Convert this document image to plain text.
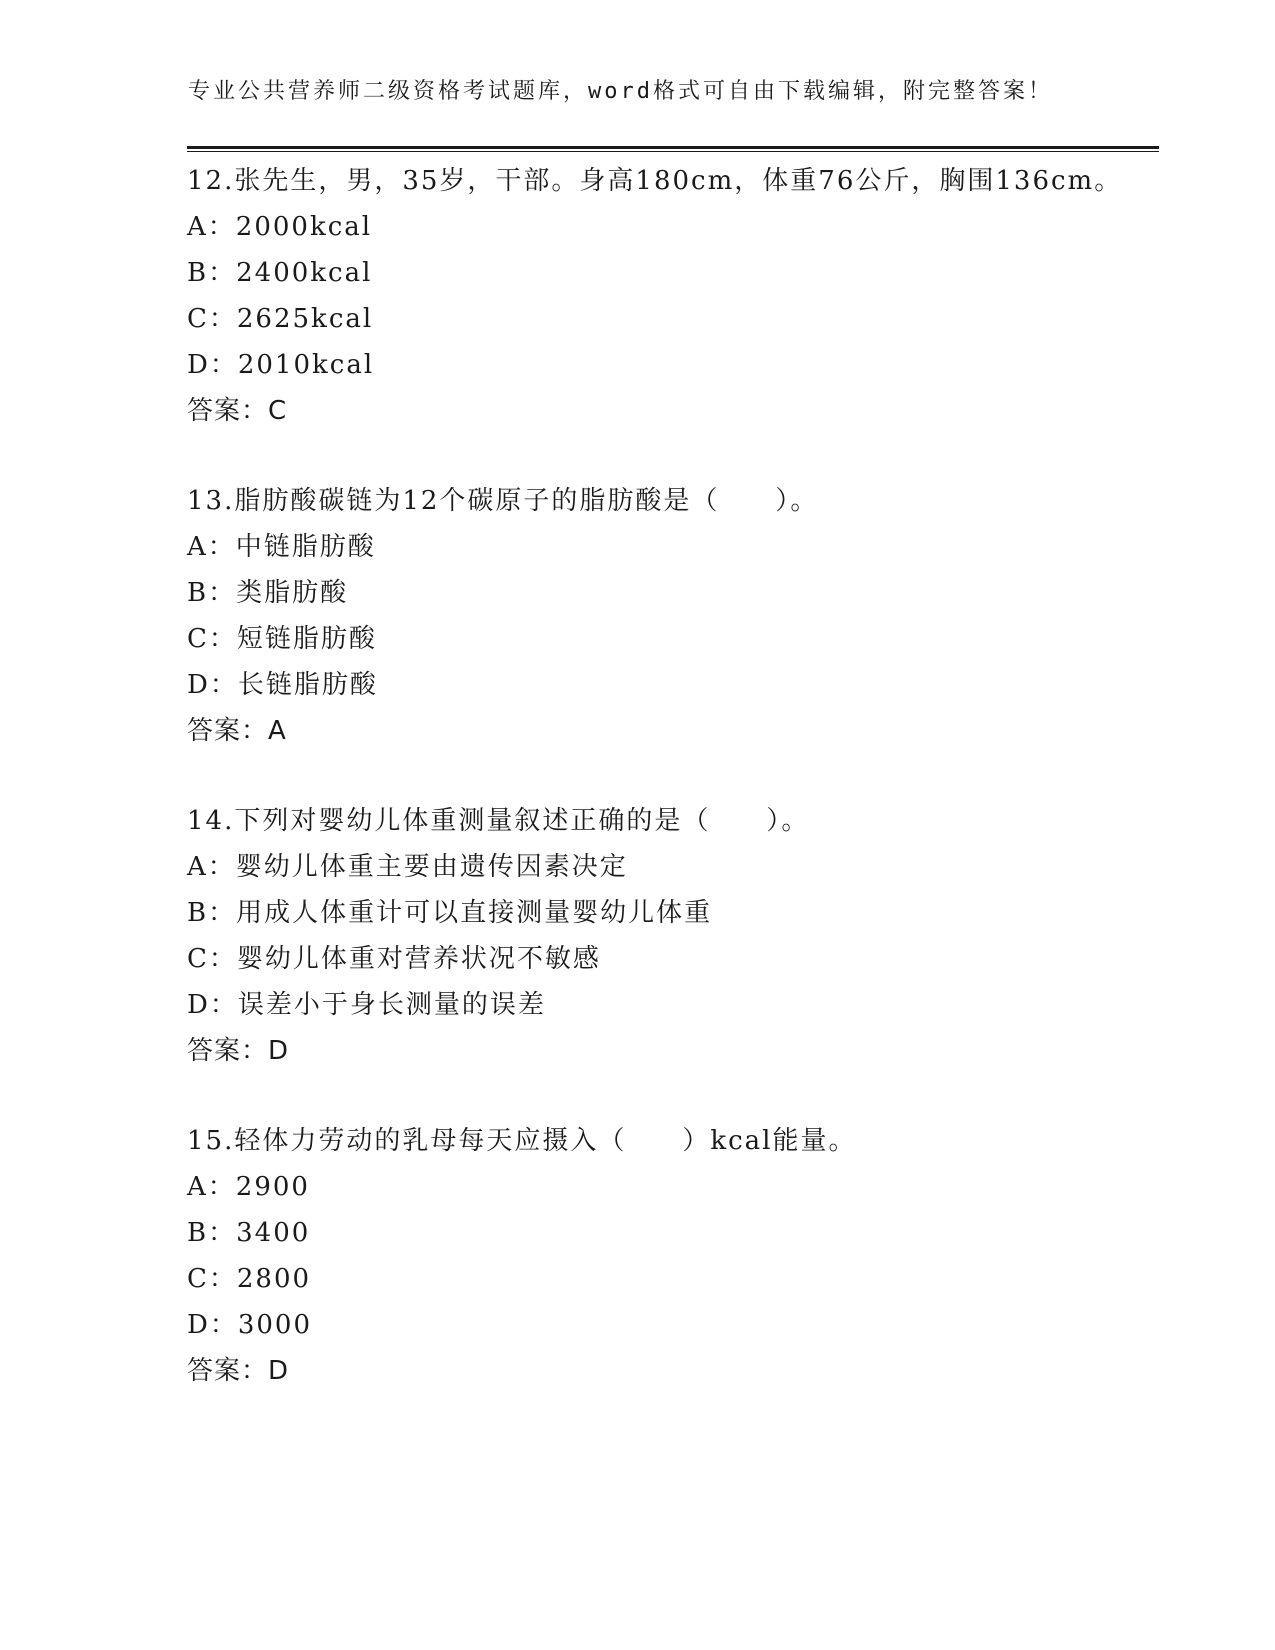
专业公共营养师二级资格考试题库，word格式可自由下载编辑，附完整答案！
12.张先生，男，35岁，干部。身高180cm，体重76公斤，胸围136cm。
A：2000kcal
B：2400kcal
C：2625kcal
D：2010kcal
答案：C
13.脂肪酸碳链为12个碳原子的脂肪酸是（　　）。
A：中链脂肪酸
B：类脂肪酸
C：短链脂肪酸
D：长链脂肪酸
答案：A
14.下列对婴幼儿体重测量叙述正确的是（　　）。
A：婴幼儿体重主要由遗传因素决定
B：用成人体重计可以直接测量婴幼儿体重
C：婴幼儿体重对营养状况不敏感
D：误差小于身长测量的误差
答案：D
15.轻体力劳动的乳母每天应摄入（　　）kcal能量。
A：2900
B：3400
C：2800
D：3000
答案：D
